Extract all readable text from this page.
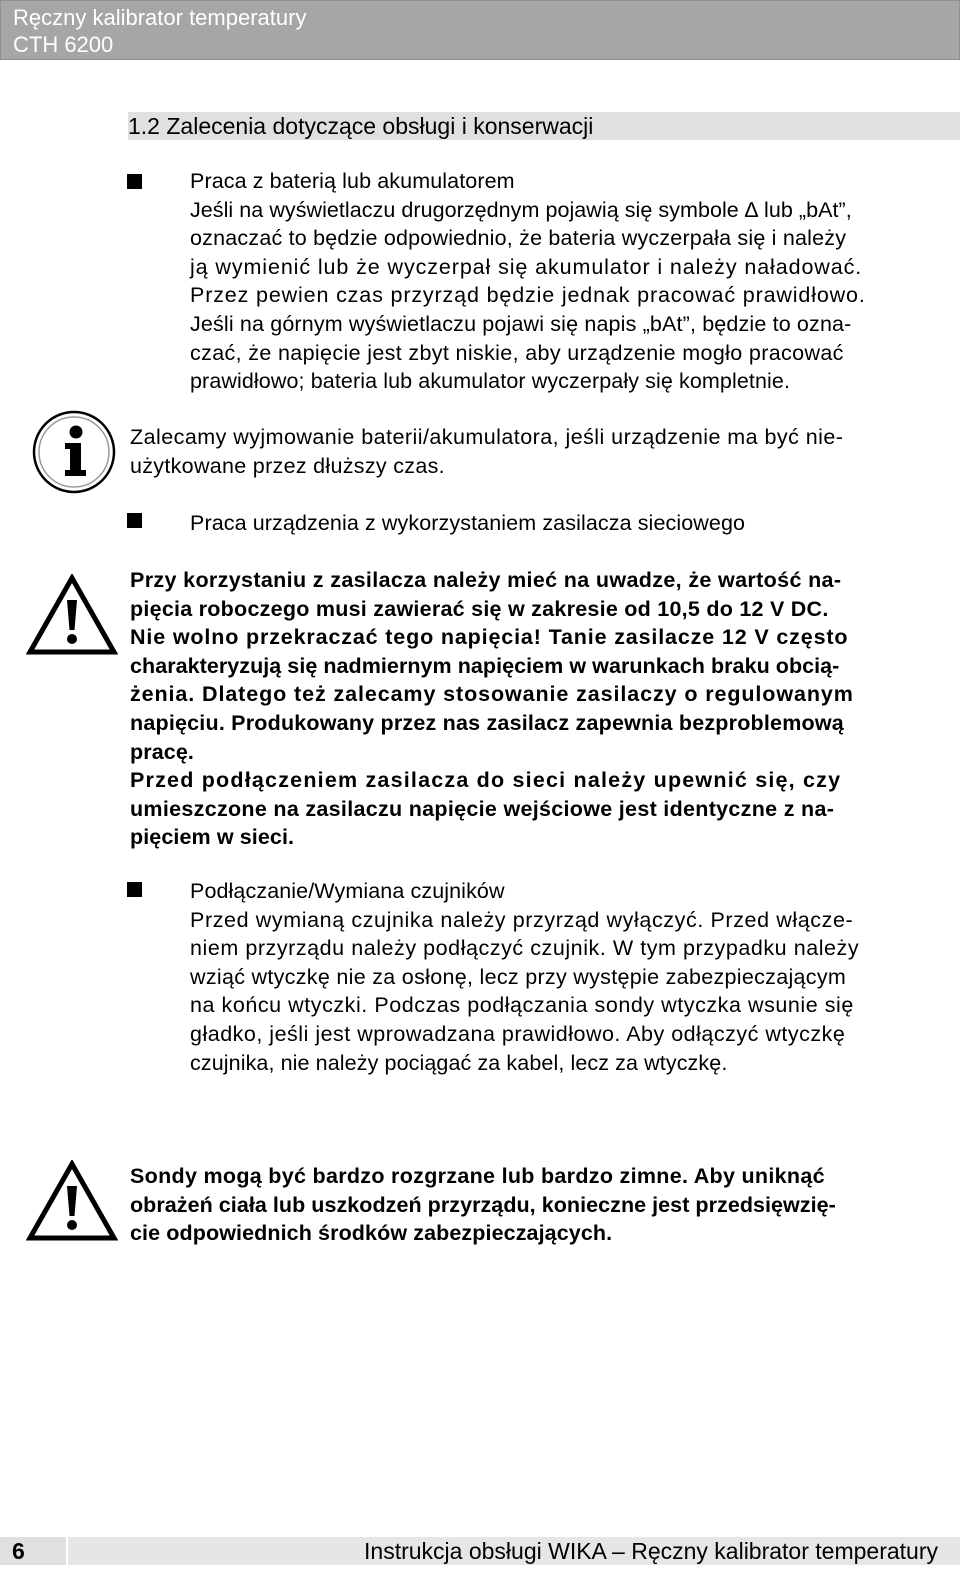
Ręczny kalibrator temperatury
CTH 6200
1.2 Zalecenia dotyczące obsługi i konserwacji
Praca z baterią lub akumulatorem
Jeśli na wyświetlaczu drugorzędnym pojawią się symbole ∆ lub „bAt”,
oznaczać to będzie odpowiednio, że bateria wyczerpała się i należy
ją wymienić lub że wyczerpał się akumulator i należy naładować.
Przez pewien czas przyrząd będzie jednak pracować prawidłowo.
Jeśli na górnym wyświetlaczu pojawi się napis „bAt”, będzie to ozna-
czać, że napięcie jest zbyt niskie, aby urządzenie mogło pracować
prawidłowo; bateria lub akumulator wyczerpały się kompletnie.
Zalecamy wyjmowanie baterii/akumulatora, jeśli urządzenie ma być nie-
użytkowane przez dłuższy czas.
Praca urządzenia z wykorzystaniem zasilacza sieciowego
Przy korzystaniu z zasilacza należy mieć na uwadze, że wartość na-
pięcia roboczego musi zawierać się w zakresie od 10,5 do 12 V DC.
Nie wolno przekraczać tego napięcia! Tanie zasilacze 12 V często
charakteryzują się nadmiernym napięciem w warunkach braku obcią-
żenia. Dlatego też zalecamy stosowanie zasilaczy o regulowanym
napięciu. Produkowany przez nas zasilacz zapewnia bezproblemową
pracę.
Przed podłączeniem zasilacza do sieci należy upewnić się, czy
umieszczone na zasilaczu napięcie wejściowe jest identyczne z na-
pięciem w sieci.
Podłączanie/Wymiana czujników
Przed wymianą czujnika należy przyrząd wyłączyć. Przed włącze-
niem przyrządu należy podłączyć czujnik. W tym przypadku należy
wziąć wtyczkę nie za osłonę, lecz przy występie zabezpieczającym
na końcu wtyczki. Podczas podłączania sondy wtyczka wsunie się
gładko, jeśli jest wprowadzana prawidłowo. Aby odłączyć wtyczkę
czujnika, nie należy pociągać za kabel, lecz za wtyczkę.
Sondy mogą być bardzo rozgrzane lub bardzo zimne. Aby uniknąć
obrażeń ciała lub uszkodzeń przyrządu, konieczne jest przedsięwzię-
cie odpowiednich środków zabezpieczających.
6	Instrukcja obsługi WIKA – Ręczny kalibrator temperatury
